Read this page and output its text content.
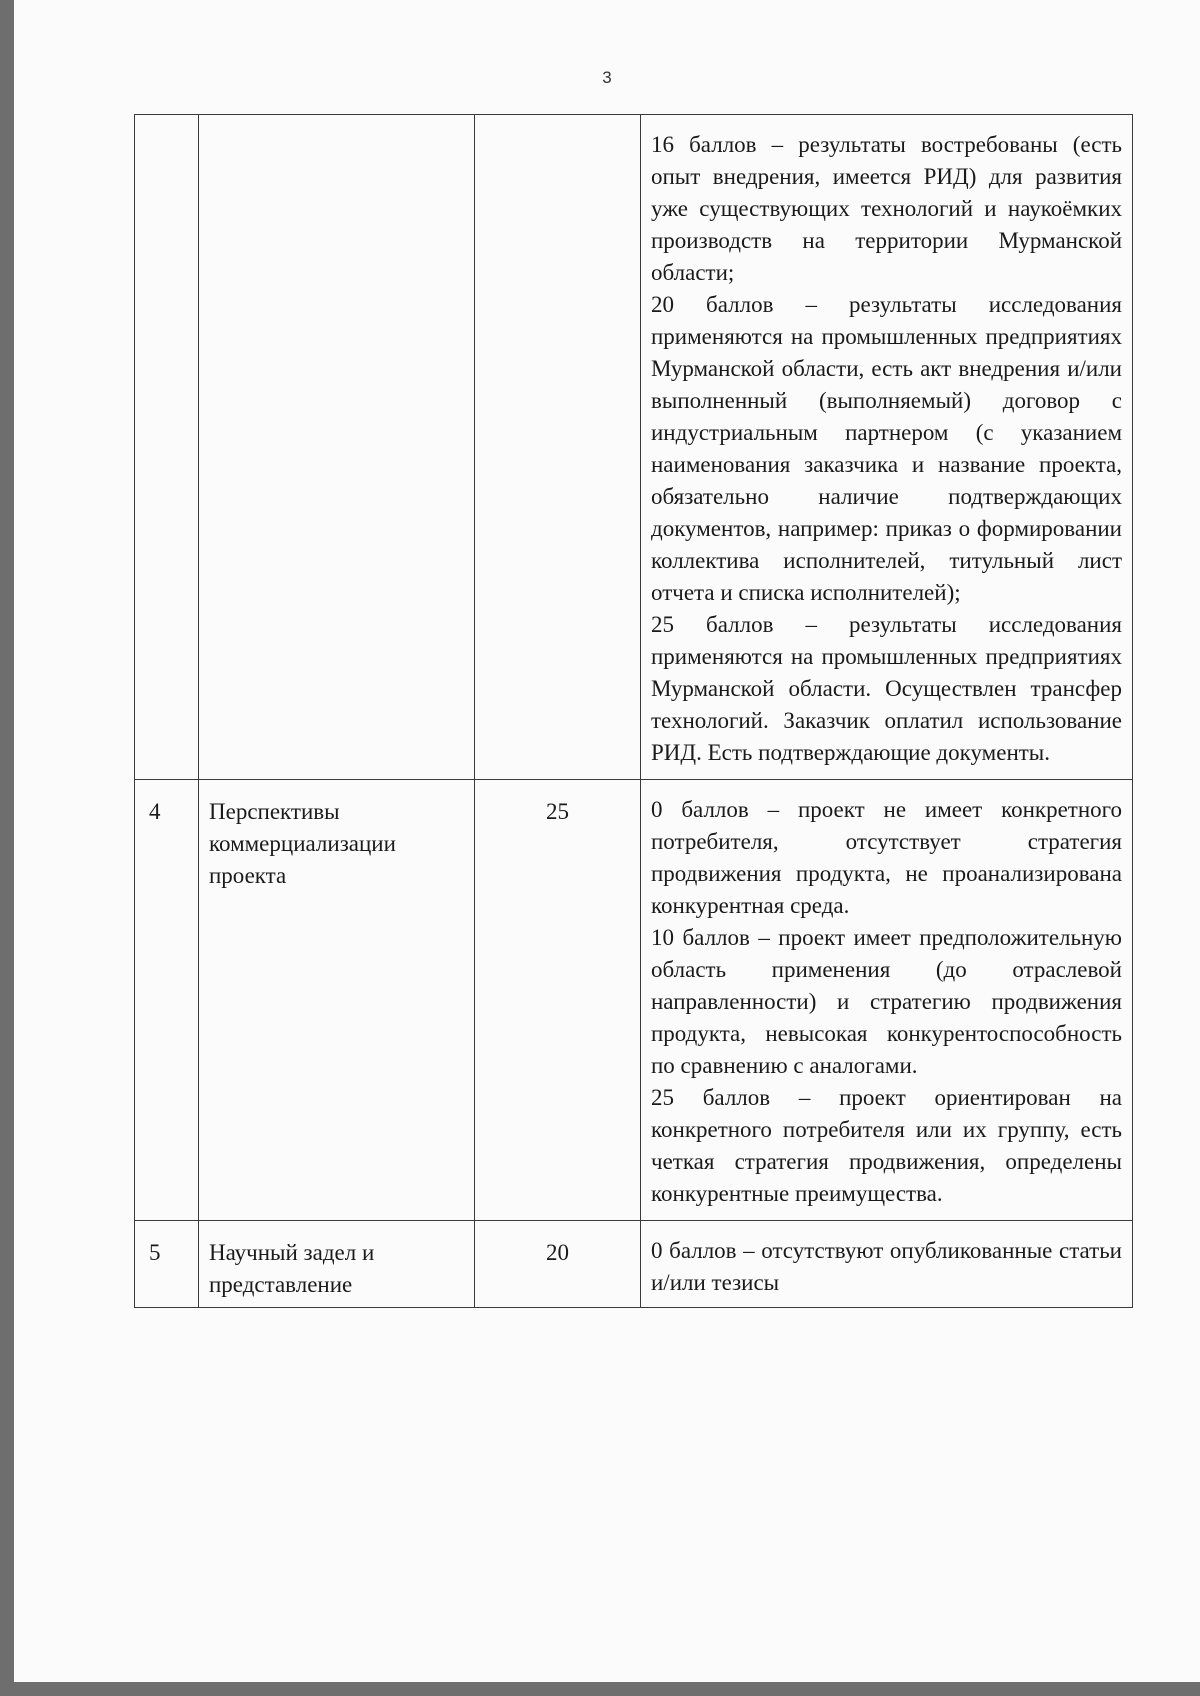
3

			16 баллов – результаты востребованы (есть опыт внедрения, имеется РИД) для развития уже существующих технологий и наукоёмких производств на территории Мурманской области;

20 баллов – результаты исследования применяются на промышленных предприятиях Мурманской области, есть акт внедрения и/или выполненный (выполняемый) договор с индустриальным партнером (с указанием наименования заказчика и название проекта, обязательно наличие подтверждающих документов, например: приказ о формировании коллектива исполнителей, титульный лист отчета и списка исполнителей);

25 баллов – результаты исследования применяются на промышленных предприятиях Мурманской области. Осуществлен трансфер технологий. Заказчик оплатил использование РИД. Есть подтверждающие документы.

4	Перспективы коммерциализации проекта	25	0 баллов – проект не имеет конкретного потребителя, отсутствует стратегия продвижения продукта, не проанализирована конкурентная среда.

10 баллов – проект имеет предположительную область применения (до отраслевой направленности) и стратегию продвижения продукта, невысокая конкурентоспособность по сравнению с аналогами.

25 баллов – проект ориентирован на конкретного потребителя или их группу, есть четкая стратегия продвижения, определены конкурентные преимущества.

5	Научный задел и представление	20	0 баллов – отсутствуют опубликованные статьи и/или тезисы
